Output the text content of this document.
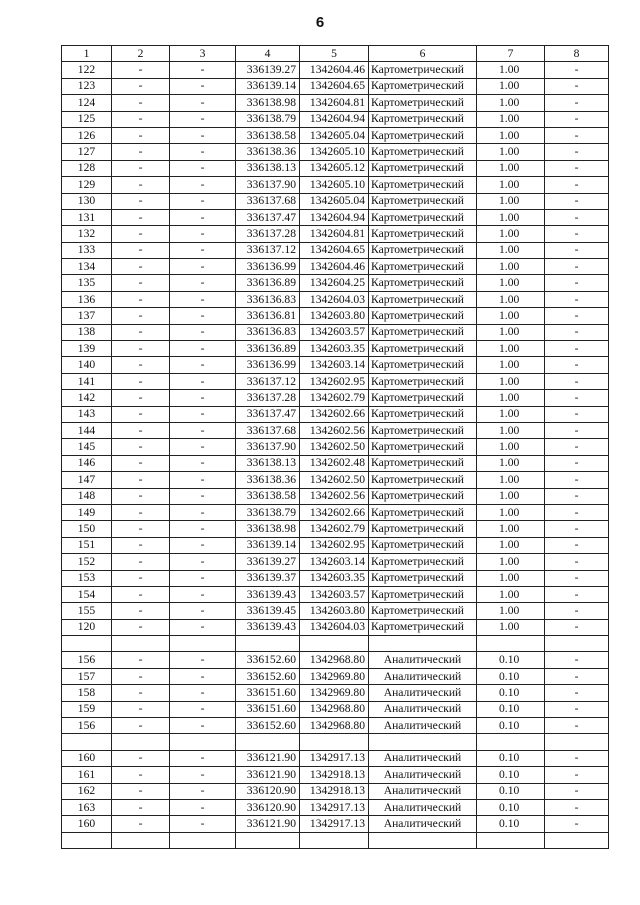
6
1	2	3	4	5	6	7	8
122	-	-	336139.27	1342604.46	Картометрический	1.00	-
123	-	-	336139.14	1342604.65	Картометрический	1.00	-
124	-	-	336138.98	1342604.81	Картометрический	1.00	-
125	-	-	336138.79	1342604.94	Картометрический	1.00	-
126	-	-	336138.58	1342605.04	Картометрический	1.00	-
127	-	-	336138.36	1342605.10	Картометрический	1.00	-
128	-	-	336138.13	1342605.12	Картометрический	1.00	-
129	-	-	336137.90	1342605.10	Картометрический	1.00	-
130	-	-	336137.68	1342605.04	Картометрический	1.00	-
131	-	-	336137.47	1342604.94	Картометрический	1.00	-
132	-	-	336137.28	1342604.81	Картометрический	1.00	-
133	-	-	336137.12	1342604.65	Картометрический	1.00	-
134	-	-	336136.99	1342604.46	Картометрический	1.00	-
135	-	-	336136.89	1342604.25	Картометрический	1.00	-
136	-	-	336136.83	1342604.03	Картометрический	1.00	-
137	-	-	336136.81	1342603.80	Картометрический	1.00	-
138	-	-	336136.83	1342603.57	Картометрический	1.00	-
139	-	-	336136.89	1342603.35	Картометрический	1.00	-
140	-	-	336136.99	1342603.14	Картометрический	1.00	-
141	-	-	336137.12	1342602.95	Картометрический	1.00	-
142	-	-	336137.28	1342602.79	Картометрический	1.00	-
143	-	-	336137.47	1342602.66	Картометрический	1.00	-
144	-	-	336137.68	1342602.56	Картометрический	1.00	-
145	-	-	336137.90	1342602.50	Картометрический	1.00	-
146	-	-	336138.13	1342602.48	Картометрический	1.00	-
147	-	-	336138.36	1342602.50	Картометрический	1.00	-
148	-	-	336138.58	1342602.56	Картометрический	1.00	-
149	-	-	336138.79	1342602.66	Картометрический	1.00	-
150	-	-	336138.98	1342602.79	Картометрический	1.00	-
151	-	-	336139.14	1342602.95	Картометрический	1.00	-
152	-	-	336139.27	1342603.14	Картометрический	1.00	-
153	-	-	336139.37	1342603.35	Картометрический	1.00	-
154	-	-	336139.43	1342603.57	Картометрический	1.00	-
155	-	-	336139.45	1342603.80	Картометрический	1.00	-
120	-	-	336139.43	1342604.03	Картометрический	1.00	-

156	-	-	336152.60	1342968.80	Аналитический	0.10	-
157	-	-	336152.60	1342969.80	Аналитический	0.10	-
158	-	-	336151.60	1342969.80	Аналитический	0.10	-
159	-	-	336151.60	1342968.80	Аналитический	0.10	-
156	-	-	336152.60	1342968.80	Аналитический	0.10	-

160	-	-	336121.90	1342917.13	Аналитический	0.10	-
161	-	-	336121.90	1342918.13	Аналитический	0.10	-
162	-	-	336120.90	1342918.13	Аналитический	0.10	-
163	-	-	336120.90	1342917.13	Аналитический	0.10	-
160	-	-	336121.90	1342917.13	Аналитический	0.10	-
